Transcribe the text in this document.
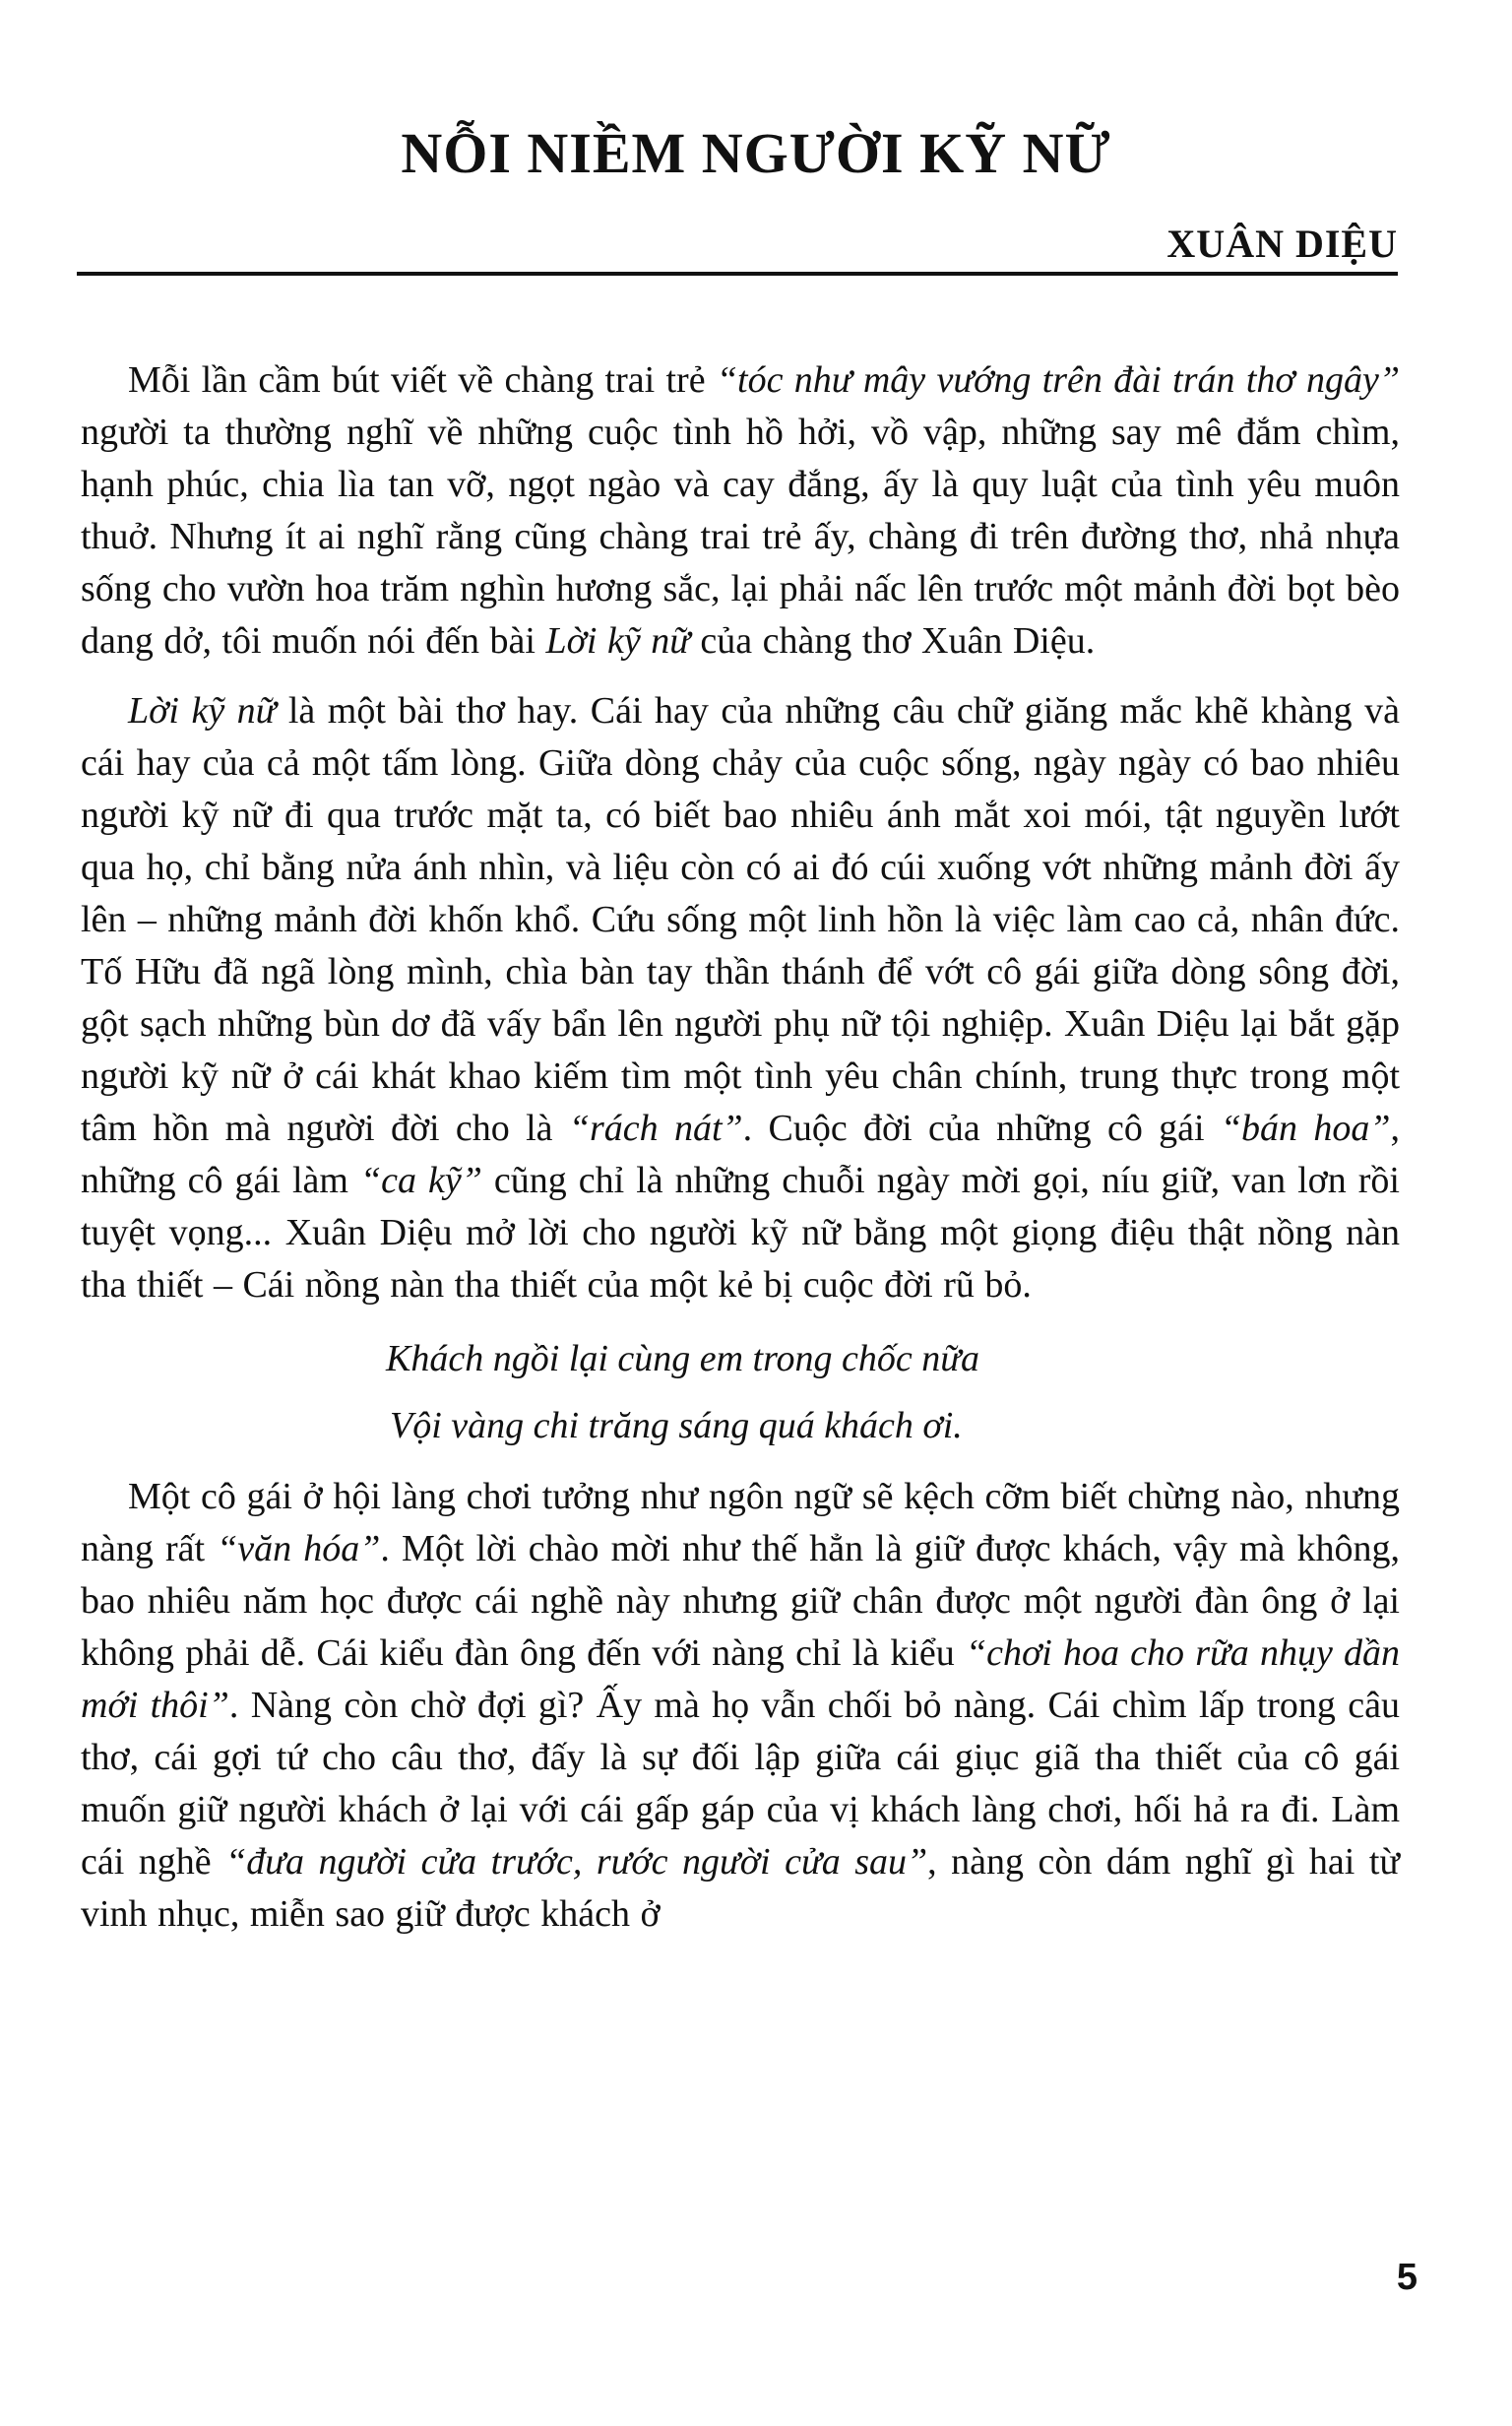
NỖI NIỀM NGƯỜI KỸ NỮ
XUÂN DIỆU

Mỗi lần cầm bút viết về chàng trai trẻ “tóc như mây vướng trên đài trán thơ ngây” người ta thường nghĩ về những cuộc tình hồ hởi, vồ vập, những say mê đắm chìm, hạnh phúc, chia lìa tan vỡ, ngọt ngào và cay đắng, ấy là quy luật của tình yêu muôn thuở. Nhưng ít ai nghĩ rằng cũng chàng trai trẻ ấy, chàng đi trên đường thơ, nhả nhựa sống cho vườn hoa trăm nghìn hương sắc, lại phải nấc lên trước một mảnh đời bọt bèo dang dở, tôi muốn nói đến bài Lời kỹ nữ của chàng thơ Xuân Diệu.

Lời kỹ nữ là một bài thơ hay. Cái hay của những câu chữ giăng mắc khẽ khàng và cái hay của cả một tấm lòng. Giữa dòng chảy của cuộc sống, ngày ngày có bao nhiêu người kỹ nữ đi qua trước mặt ta, có biết bao nhiêu ánh mắt xoi mói, tật nguyền lướt qua họ, chỉ bằng nửa ánh nhìn, và liệu còn có ai đó cúi xuống vớt những mảnh đời ấy lên – những mảnh đời khốn khổ. Cứu sống một linh hồn là việc làm cao cả, nhân đức. Tố Hữu đã ngã lòng mình, chìa bàn tay thần thánh để vớt cô gái giữa dòng sông đời, gột sạch những bùn dơ đã vấy bẩn lên người phụ nữ tội nghiệp. Xuân Diệu lại bắt gặp người kỹ nữ ở cái khát khao kiếm tìm một tình yêu chân chính, trung thực trong một tâm hồn mà người đời cho là “rách nát”. Cuộc đời của những cô gái “bán hoa”, những cô gái làm “ca kỹ” cũng chỉ là những chuỗi ngày mời gọi, níu giữ, van lơn rồi tuyệt vọng... Xuân Diệu mở lời cho người kỹ nữ bằng một giọng điệu thật nồng nàn tha thiết – Cái nồng nàn tha thiết của một kẻ bị cuộc đời rũ bỏ.

Khách ngồi lại cùng em trong chốc nữa
Vội vàng chi trăng sáng quá khách ơi.

Một cô gái ở hội làng chơi tưởng như ngôn ngữ sẽ kệch cỡm biết chừng nào, nhưng nàng rất “văn hóa”. Một lời chào mời như thế hẳn là giữ được khách, vậy mà không, bao nhiêu năm học được cái nghề này nhưng giữ chân được một người đàn ông ở lại không phải dễ. Cái kiểu đàn ông đến với nàng chỉ là kiểu “chơi hoa cho rữa nhụy dần mới thôi”. Nàng còn chờ đợi gì? Ấy mà họ vẫn chối bỏ nàng. Cái chìm lấp trong câu thơ, cái gợi tứ cho câu thơ, đấy là sự đối lập giữa cái giục giã tha thiết của cô gái muốn giữ người khách ở lại với cái gấp gáp của vị khách làng chơi, hối hả ra đi. Làm cái nghề “đưa người cửa trước, rước người cửa sau”, nàng còn dám nghĩ gì hai từ vinh nhục, miễn sao giữ được khách ở

5
